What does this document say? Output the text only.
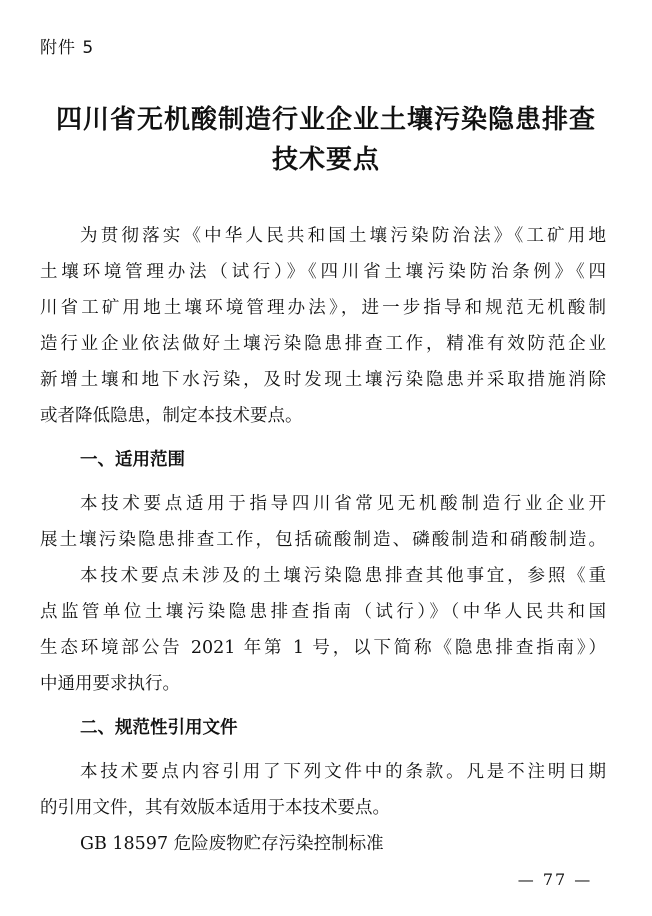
附件 5
四川省无机酸制造行业企业土壤污染隐患排查
技术要点
为贯彻落实《中华人民共和国土壤污染防治法》《工矿用地
土壤环境管理办法（试行）》《四川省土壤污染防治条例》《四
川省工矿用地土壤环境管理办法》，进一步指导和规范无机酸制
造行业企业依法做好土壤污染隐患排查工作，精准有效防范企业
新增土壤和地下水污染，及时发现土壤污染隐患并采取措施消除
或者降低隐患，制定本技术要点。
一、适用范围
本技术要点适用于指导四川省常见无机酸制造行业企业开
展土壤污染隐患排查工作，包括硫酸制造、磷酸制造和硝酸制造。
本技术要点未涉及的土壤污染隐患排查其他事宜，参照《重
点监管单位土壤污染隐患排查指南（试行）》（中华人民共和国
生态环境部公告 2021 年第 1 号，以下简称《隐患排查指南》）
中通用要求执行。
二、规范性引用文件
本技术要点内容引用了下列文件中的条款。凡是不注明日期
的引用文件，其有效版本适用于本技术要点。
GB 18597 危险废物贮存污染控制标准
— 77 —
